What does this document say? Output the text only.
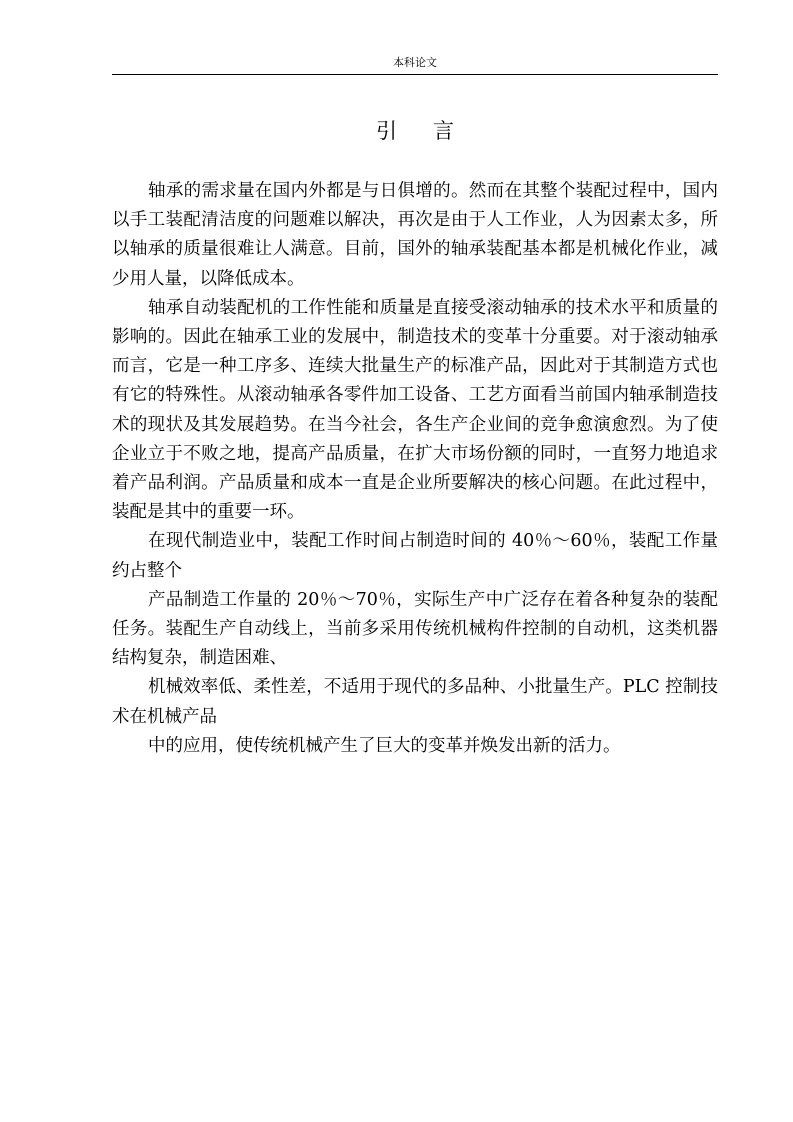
本科论文
引言

轴承的需求量在国内外都是与日俱增的。然而在其整个装配过程中，国内以手工装配清洁度的问题难以解决，再次是由于人工作业，人为因素太多，所以轴承的质量很难让人满意。目前，国外的轴承装配基本都是机械化作业，减少用人量，以降低成本。

轴承自动装配机的工作性能和质量是直接受滚动轴承的技术水平和质量的影响的。因此在轴承工业的发展中，制造技术的变革十分重要。对于滚动轴承而言，它是一种工序多、连续大批量生产的标准产品，因此对于其制造方式也有它的特殊性。从滚动轴承各零件加工设备、工艺方面看当前国内轴承制造技术的现状及其发展趋势。在当今社会，各生产企业间的竞争愈演愈烈。为了使企业立于不败之地，提高产品质量，在扩大市场份额的同时，一直努力地追求着产品利润。产品质量和成本一直是企业所要解决的核心问题。在此过程中，装配是其中的重要一环。

在现代制造业中，装配工作时间占制造时间的 40％～60％，装配工作量约占整个

产品制造工作量的 20％～70％，实际生产中广泛存在着各种复杂的装配任务。装配生产自动线上，当前多采用传统机械构件控制的自动机，这类机器结构复杂，制造困难、

机械效率低、柔性差，不适用于现代的多品种、小批量生产。PLC 控制技术在机械产品

中的应用，使传统机械产生了巨大的变革并焕发出新的活力。
